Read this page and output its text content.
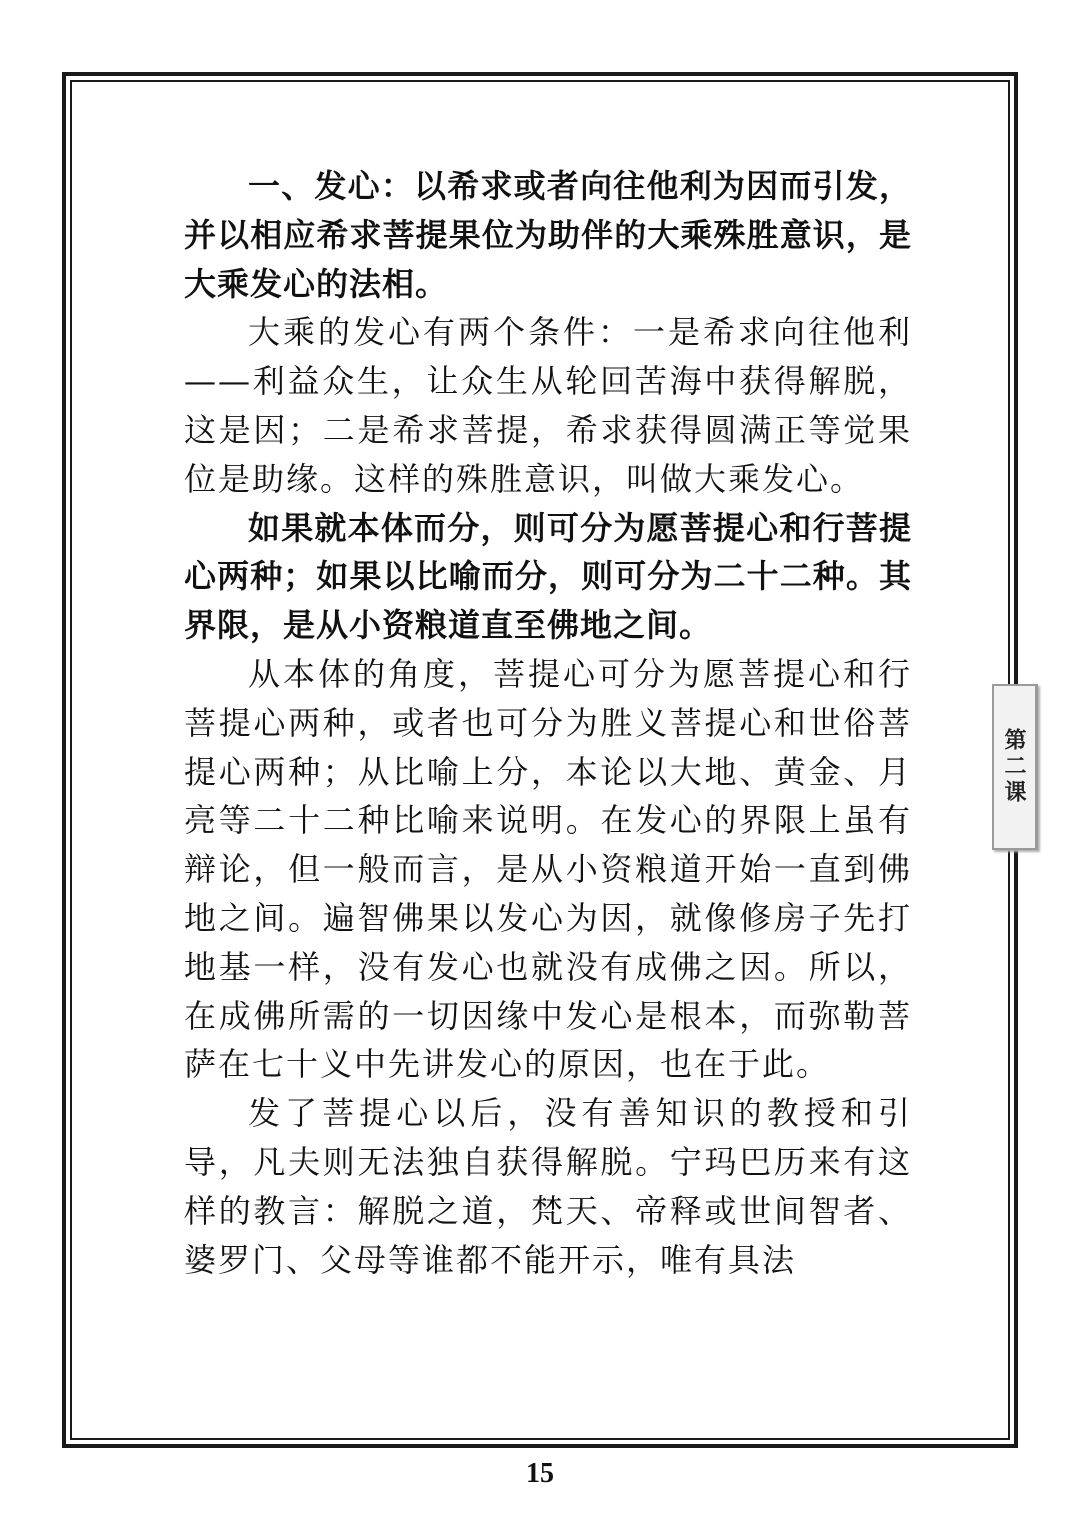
一、发心：以希求或者向往他利为因而引发，并以相应希求菩提果位为助伴的大乘殊胜意识，是大乘发心的法相。

大乘的发心有两个条件：一是希求向往他利——利益众生，让众生从轮回苦海中获得解脱，这是因；二是希求菩提，希求获得圆满正等觉果位是助缘。这样的殊胜意识，叫做大乘发心。

如果就本体而分，则可分为愿菩提心和行菩提心两种；如果以比喻而分，则可分为二十二种。其界限，是从小资粮道直至佛地之间。

从本体的角度，菩提心可分为愿菩提心和行菩提心两种，或者也可分为胜义菩提心和世俗菩提心两种；从比喻上分，本论以大地、黄金、月亮等二十二种比喻来说明。在发心的界限上虽有辩论，但一般而言，是从小资粮道开始一直到佛地之间。遍智佛果以发心为因，就像修房子先打地基一样，没有发心也就没有成佛之因。所以，在成佛所需的一切因缘中发心是根本，而弥勒菩萨在七十义中先讲发心的原因，也在于此。

发了菩提心以后，没有善知识的教授和引导，凡夫则无法独自获得解脱。宁玛巴历来有这样的教言：解脱之道，梵天、帝释或世间智者、婆罗门、父母等谁都不能开示，唯有具法

第二课
15
